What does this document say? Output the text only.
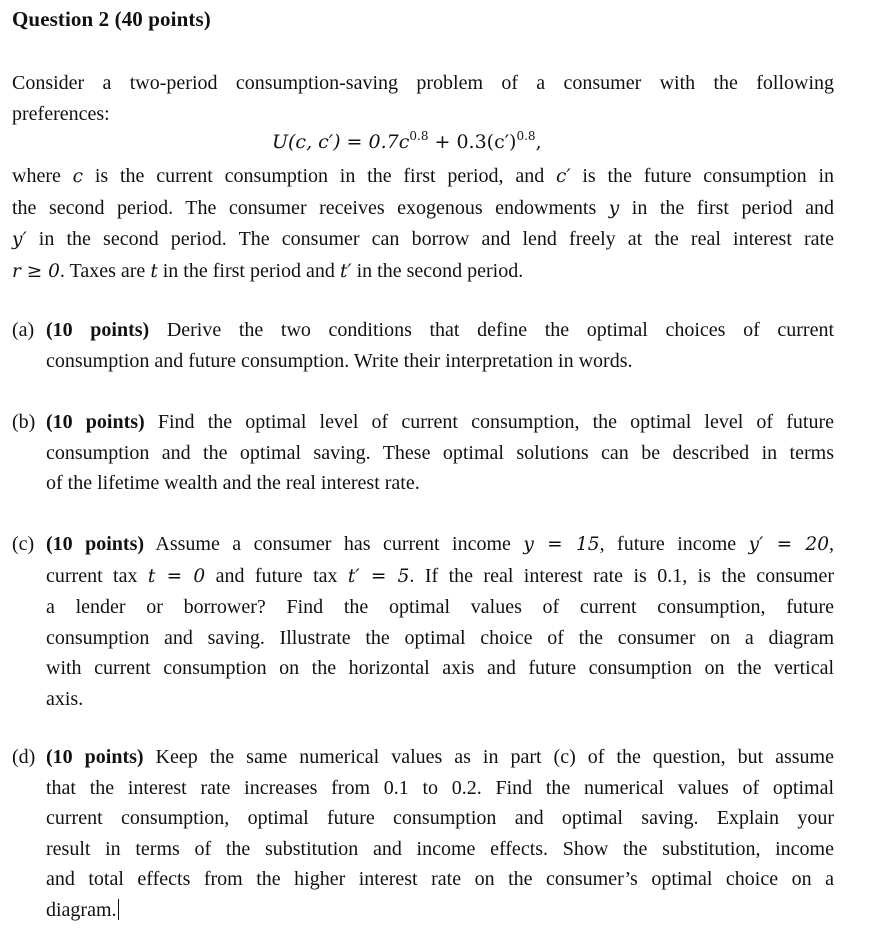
Question 2 (40 points)
Consider a two-period consumption-saving problem of a consumer with the following
preferences:
U(c, $c') = 0.7c^{0.8} + 0.3(c')^{0.8}$,
where c is the current consumption in the first period, and c′ is the future consumption in
the second period. The consumer receives exogenous endowments y in the first period and
y′ in the second period. The consumer can borrow and lend freely at the real interest rate
r ≥ 0. Taxes are t in the first period and t′ in the second period.
(a) (10 points) Derive the two conditions that define the optimal choices of current
consumption and future consumption. Write their interpretation in words.
(b) (10 points) Find the optimal level of current consumption, the optimal level of future
consumption and the optimal saving. These optimal solutions can be described in terms
of the lifetime wealth and the real interest rate.
(c) (10 points) Assume a consumer has current income y = 15, future income y′ = 20,
current tax t = 0 and future tax t′ = 5. If the real interest rate is 0.1, is the consumer
a lender or borrower? Find the optimal values of current consumption, future
consumption and saving. Illustrate the optimal choice of the consumer on a diagram
with current consumption on the horizontal axis and future consumption on the vertical
axis.
(d) (10 points) Keep the same numerical values as in part (c) of the question, but assume
that the interest rate increases from 0.1 to 0.2. Find the numerical values of optimal
current consumption, optimal future consumption and optimal saving. Explain your
result in terms of the substitution and income effects. Show the substitution, income
and total effects from the higher interest rate on the consumer’s optimal choice on a
diagram.
